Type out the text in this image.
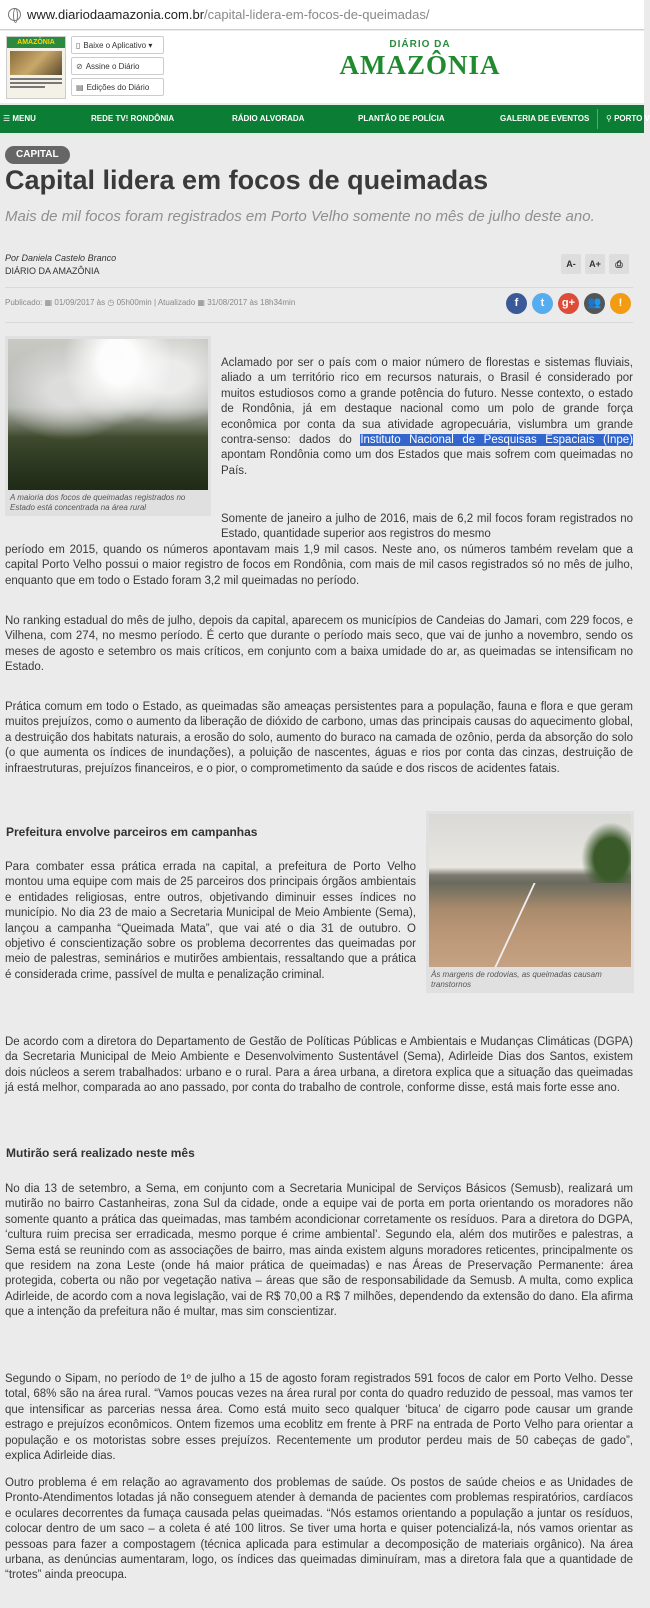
www.diariodaamazonia.com.br /capital-lidera-em-focos-de-queimadas/
AMAZÔNIA	▯ Baixe o Aplicativo ▾
⊘ Assine o Diário
▤ Edições do Diário
DIÁRIO DA
AMAZÔNIA
☰ MENU	REDE TV! RONDÔNIA	RÁDIO ALVORADA	PLANTÃO DE POLÍCIA	GALERIA DE EVENTOS ⚲ PORTO V
CAPITAL
Capital lidera em focos de queimadas
Mais de mil focos foram registrados em Porto Velho somente no mês de julho deste ano.
Por Daniela Castelo Branco
DIÁRIO DA AMAZÔNIA
A-	A+	⎙
Publicado: ▦ 01/09/2017 às ◷ 05h00min | Atualizado ▦ 31/08/2017 às 18h34min	f	t	g+	👥	!
A maioria dos focos de queimadas registrados no Estado está concentrada na área rural
Aclamado por ser o país com o maior número de florestas e sistemas fluviais, aliado a um território rico em recursos naturais, o Brasil é considerado por muitos estudiosos como a grande potência do futuro. Nesse contexto, o estado de Rondônia, já em destaque nacional como um polo de grande força econômica por conta da sua atividade agropecuária, vislumbra um grande contra-senso: dados do Instituto Nacional de Pesquisas Espaciais (Inpe) apontam Rondônia como um dos Estados que mais sofrem com queimadas no País.
Somente de janeiro a julho de 2016, mais de 6,2 mil focos foram registrados no Estado, quantidade superior aos registros do mesmo
período em 2015, quando os números apontavam mais 1,9 mil casos. Neste ano, os números também revelam que a capital Porto Velho possui o maior registro de focos em Rondônia, com mais de mil casos registrados só no mês de julho, enquanto que em todo o Estado foram 3,2 mil queimadas no período.
No ranking estadual do mês de julho, depois da capital, aparecem os municípios de Candeias do Jamari, com 229 focos, e Vilhena, com 274, no mesmo período. É certo que durante o período mais seco, que vai de junho a novembro, sendo os meses de agosto e setembro os mais críticos, em conjunto com a baixa umidade do ar, as queimadas se intensificam no Estado.
Prática comum em todo o Estado, as queimadas são ameaças persistentes para a população, fauna e flora e que geram muitos prejuízos, como o aumento da liberação de dióxido de carbono, umas das principais causas do aquecimento global, a destruição dos habitats naturais, a erosão do solo, aumento do buraco na camada de ozônio, perda da absorção do solo (o que aumenta os índices de inundações), a poluição de nascentes, águas e rios por conta das cinzas, destruição de infraestruturas, prejuízos financeiros, e o pior, o comprometimento da saúde e dos riscos de acidentes fatais.
Prefeitura envolve parceiros em campanhas
Às margens de rodovias, as queimadas causam transtornos
Para combater essa prática errada na capital, a prefeitura de Porto Velho montou uma equipe com mais de 25 parceiros dos principais órgãos ambientais e entidades religiosas, entre outros, objetivando diminuir esses índices no município. No dia 23 de maio a Secretaria Municipal de Meio Ambiente (Sema), lançou a campanha “Queimada Mata”, que vai até o dia 31 de outubro. O objetivo é conscientização sobre os problema decorrentes das queimadas por meio de palestras, seminários e mutirões ambientais, ressaltando que a prática é considerada crime, passível de multa e penalização criminal.
De acordo com a diretora do Departamento de Gestão de Políticas Públicas e Ambientais e Mudanças Climáticas (DGPA) da Secretaria Municipal de Meio Ambiente e Desenvolvimento Sustentável (Sema), Adirleide Dias dos Santos, existem dois núcleos a serem trabalhados: urbano e o rural. Para a área urbana, a diretora explica que a situação das queimadas já está melhor, comparada ao ano passado, por conta do trabalho de controle, conforme disse, está mais forte esse ano.
Mutirão será realizado neste mês
No dia 13 de setembro, a Sema, em conjunto com a Secretaria Municipal de Serviços Básicos (Semusb), realizará um mutirão no bairro Castanheiras, zona Sul da cidade, onde a equipe vai de porta em porta orientando os moradores não somente quanto a prática das queimadas, mas também acondicionar corretamente os resíduos. Para a diretora do DGPA, ‘cultura ruim precisa ser erradicada, mesmo porque é crime ambiental’. Segundo ela, além dos mutirões e palestras, a Sema está se reunindo com as associações de bairro, mas ainda existem alguns moradores reticentes, principalmente os que residem na zona Leste (onde há maior prática de queimadas) e nas Áreas de Preservação Permanente: área protegida, coberta ou não por vegetação nativa – áreas que são de responsabilidade da Semusb. A multa, como explica Adirleide, de acordo com a nova legislação, vai de R$ 70,00 a R$ 7 milhões, dependendo da extensão do dano. Ela afirma que a intenção da prefeitura não é multar, mas sim conscientizar.
Segundo o Sipam, no período de 1º de julho a 15 de agosto foram registrados 591 focos de calor em Porto Velho. Desse total, 68% são na área rural. “Vamos poucas vezes na área rural por conta do quadro reduzido de pessoal, mas vamos ter que intensificar as parcerias nessa área. Como está muito seco qualquer ‘bituca’ de cigarro pode causar um grande estrago e prejuízos econômicos. Ontem fizemos uma ecoblitz em frente à PRF na entrada de Porto Velho para orientar a população e os motoristas sobre esses prejuízos. Recentemente um produtor perdeu mais de 50 cabeças de gado”, explica Adirleide dias.
Outro problema é em relação ao agravamento dos problemas de saúde. Os postos de saúde cheios e as Unidades de Pronto-Atendimentos lotadas já não conseguem atender à demanda de pacientes com problemas respiratórios, cardíacos e oculares decorrentes da fumaça causada pelas queimadas. “Nós estamos orientando a população a juntar os resíduos, colocar dentro de um saco – a coleta é até 100 litros. Se tiver uma horta e quiser potencializá-la, nós vamos orientar as pessoas para fazer a compostagem (técnica aplicada para estimular a decomposição de materiais orgânico). Na área urbana, as denúncias aumentaram, logo, os índices das queimadas diminuíram, mas a diretora fala que a quantidade de “trotes” ainda preocupa.
